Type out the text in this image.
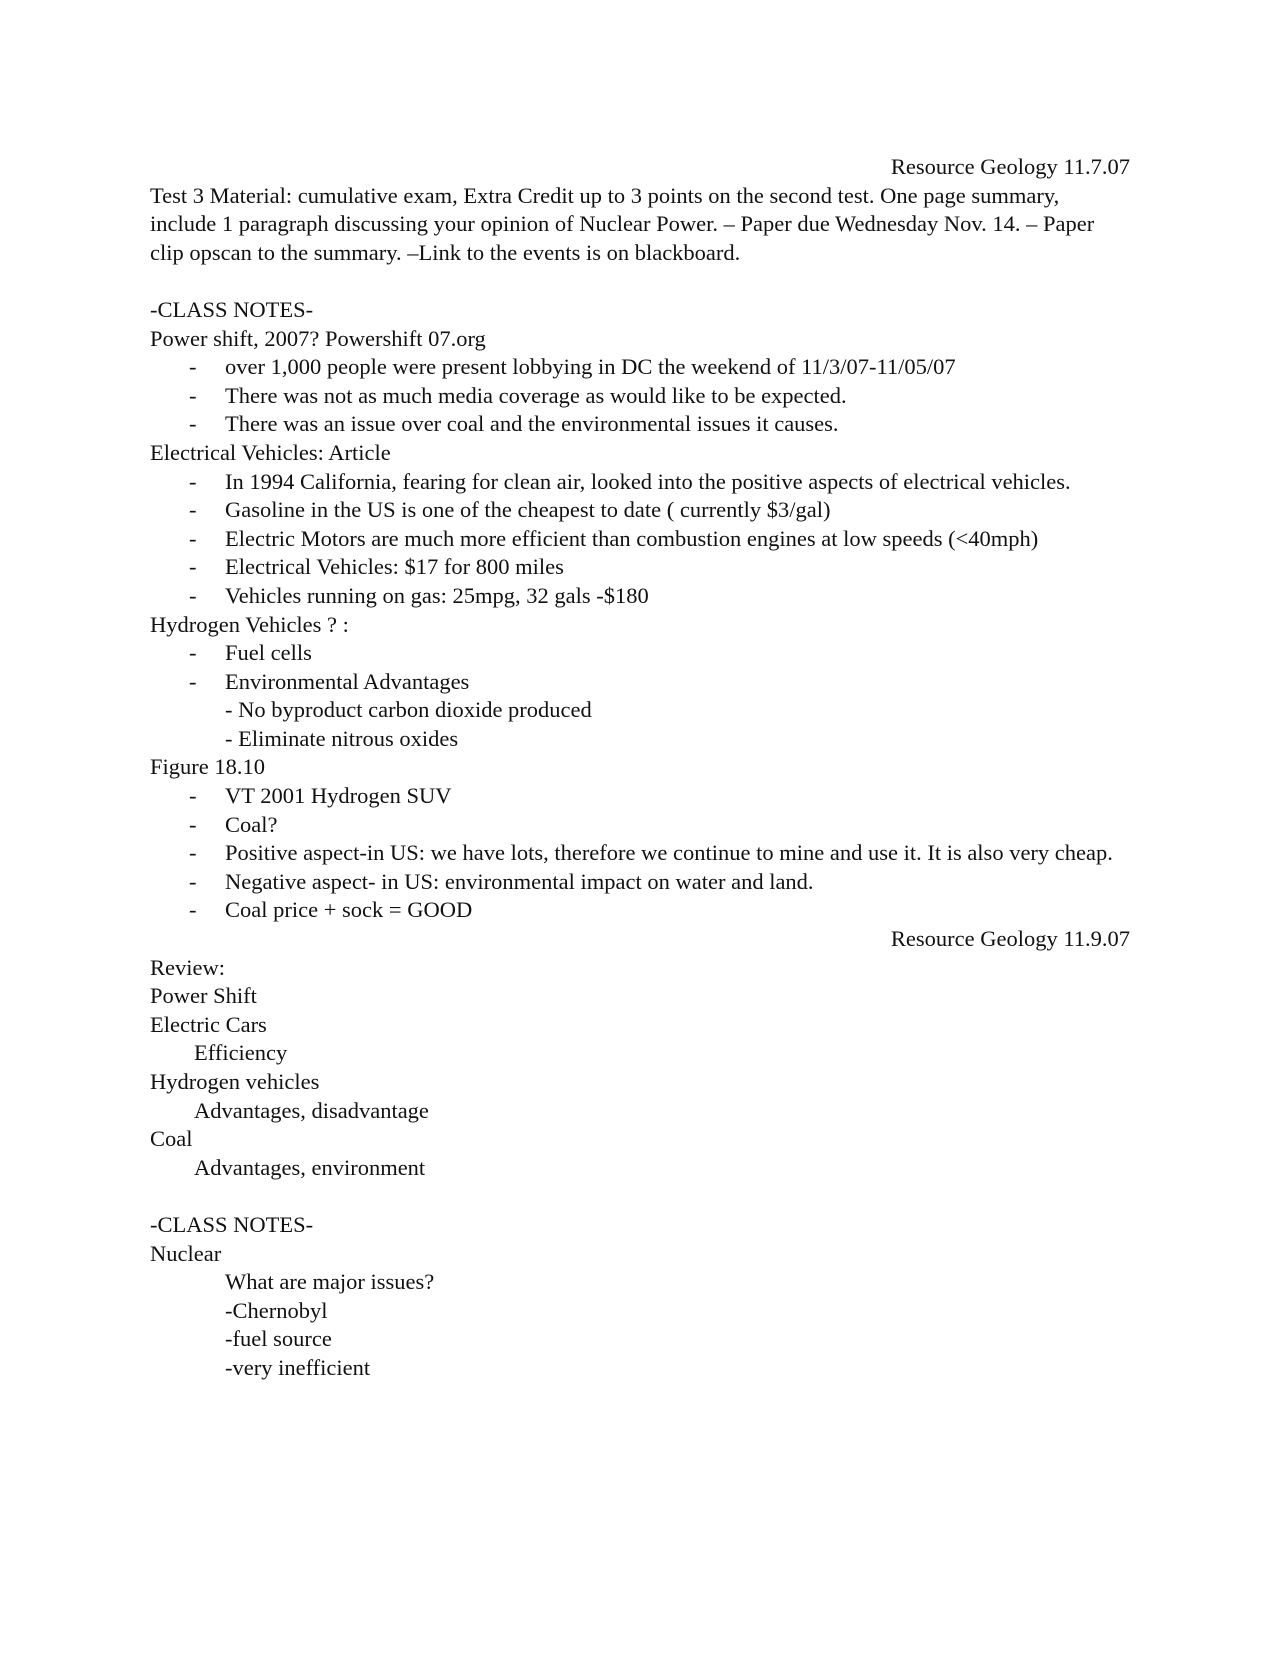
Resource Geology 11.7.07
Test 3 Material: cumulative exam, Extra Credit up to 3 points on the second test. One page summary, include 1 paragraph discussing your opinion of Nuclear Power. – Paper due Wednesday Nov. 14. – Paper clip opscan to the summary. –Link to the events is on blackboard.
-CLASS NOTES-
Power shift, 2007? Powershift 07.org
- over 1,000 people were present lobbying in DC the weekend of 11/3/07-11/05/07
- There was not as much media coverage as would like to be expected.
- There was an issue over coal and the environmental issues it causes.
Electrical Vehicles: Article
- In 1994 California, fearing for clean air, looked into the positive aspects of electrical vehicles.
- Gasoline in the US is one of the cheapest to date ( currently $3/gal)
- Electric Motors are much more efficient than combustion engines at low speeds (<40mph)
- Electrical Vehicles: $17 for 800 miles
- Vehicles running on gas: 25mpg, 32 gals -$180
Hydrogen Vehicles ? :
- Fuel cells
- Environmental Advantages
- No byproduct carbon dioxide produced
- Eliminate nitrous oxides
Figure 18.10
- VT 2001 Hydrogen SUV
- Coal?
- Positive aspect-in US: we have lots, therefore we continue to mine and use it. It is also very cheap.
- Negative aspect- in US: environmental impact on water and land.
- Coal price + sock = GOOD
Resource Geology 11.9.07
Review:
Power Shift
Electric Cars
Efficiency
Hydrogen vehicles
Advantages, disadvantage
Coal
Advantages, environment
-CLASS NOTES-
Nuclear
What are major issues?
-Chernobyl
-fuel source
-very inefficient
